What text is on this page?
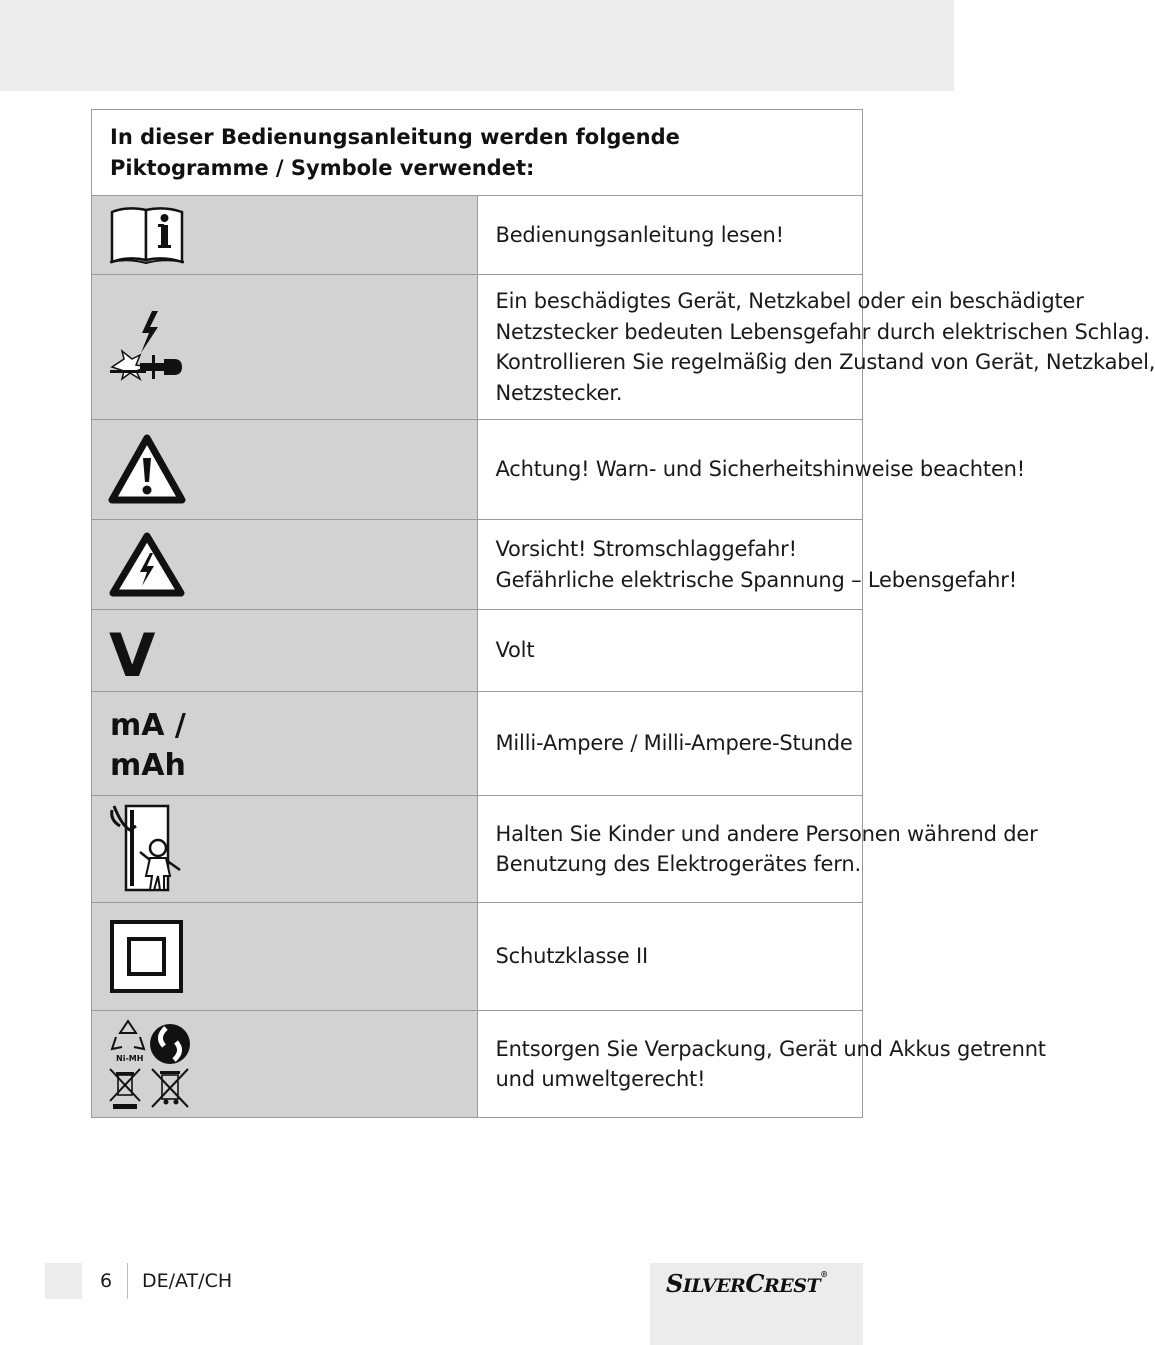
In dieser Bedienungsanleitung werden folgende
Piktogramme / Symbole verwendet:	

Bedienungsanleitung lesen!

Ein beschädigtes Gerät, Netzkabel oder ein beschädigter
Netzstecker bedeuten Lebensgefahr durch elektrischen Schlag.
Kontrollieren Sie regelmäßig den Zustand von Gerät, Netzkabel,
Netzstecker.

Achtung! Warn- und Sicherheitshinweise beachten!

Vorsicht! Stromschlaggefahr!
Gefährliche elektrische Spannung – Lebensgefahr!

V	Volt

mA /
mAh	Milli-Ampere / Milli-Ampere-Stunde

Halten Sie Kinder und andere Personen während der
Benutzung des Elektrogerätes fern.

Schutzklasse II

Ni-MH	Entsorgen Sie Verpackung, Gerät und Akkus getrennt
und umweltgerecht!
6 DE/AT/CH	SILVERCREST®
